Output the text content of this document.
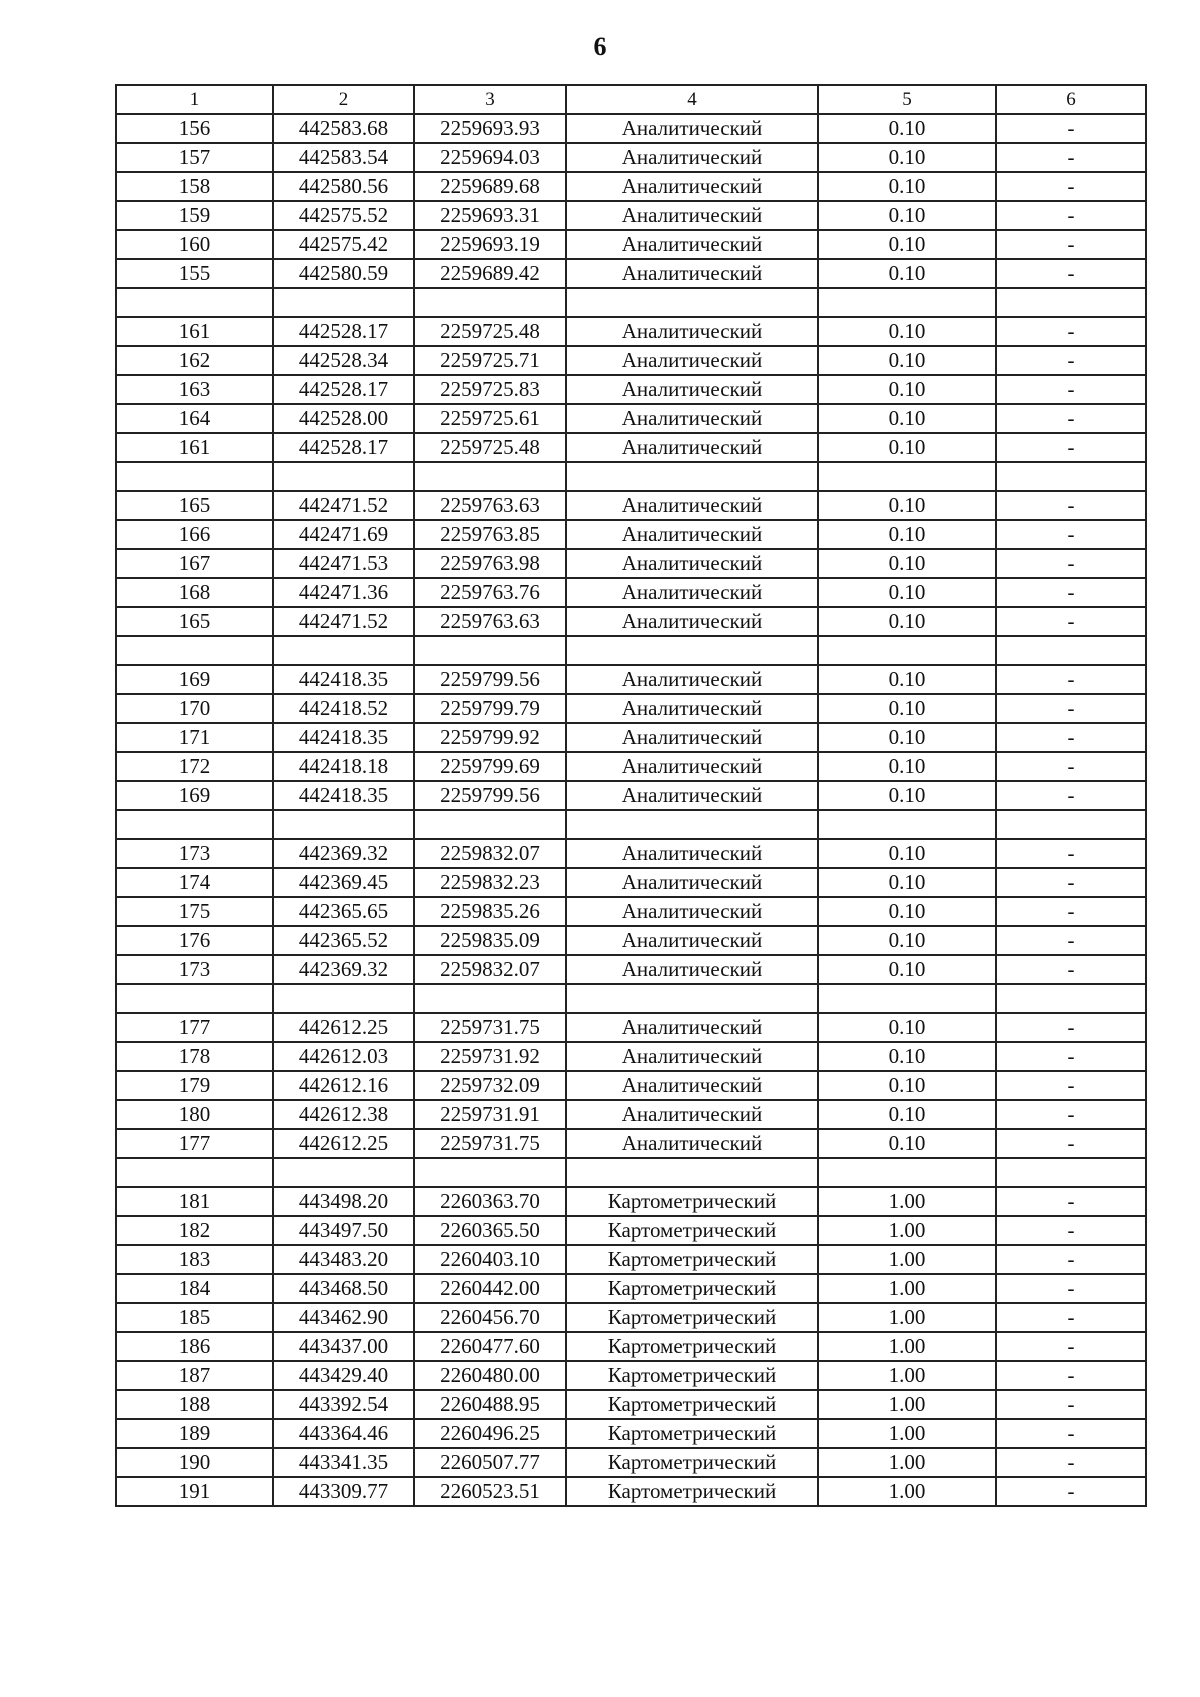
6
1	2	3	4	5	6
156	442583.68	2259693.93	Аналитический	0.10	-
157	442583.54	2259694.03	Аналитический	0.10	-
158	442580.56	2259689.68	Аналитический	0.10	-
159	442575.52	2259693.31	Аналитический	0.10	-
160	442575.42	2259693.19	Аналитический	0.10	-
155	442580.59	2259689.42	Аналитический	0.10	-

161	442528.17	2259725.48	Аналитический	0.10	-
162	442528.34	2259725.71	Аналитический	0.10	-
163	442528.17	2259725.83	Аналитический	0.10	-
164	442528.00	2259725.61	Аналитический	0.10	-
161	442528.17	2259725.48	Аналитический	0.10	-

165	442471.52	2259763.63	Аналитический	0.10	-
166	442471.69	2259763.85	Аналитический	0.10	-
167	442471.53	2259763.98	Аналитический	0.10	-
168	442471.36	2259763.76	Аналитический	0.10	-
165	442471.52	2259763.63	Аналитический	0.10	-

169	442418.35	2259799.56	Аналитический	0.10	-
170	442418.52	2259799.79	Аналитический	0.10	-
171	442418.35	2259799.92	Аналитический	0.10	-
172	442418.18	2259799.69	Аналитический	0.10	-
169	442418.35	2259799.56	Аналитический	0.10	-

173	442369.32	2259832.07	Аналитический	0.10	-
174	442369.45	2259832.23	Аналитический	0.10	-
175	442365.65	2259835.26	Аналитический	0.10	-
176	442365.52	2259835.09	Аналитический	0.10	-
173	442369.32	2259832.07	Аналитический	0.10	-

177	442612.25	2259731.75	Аналитический	0.10	-
178	442612.03	2259731.92	Аналитический	0.10	-
179	442612.16	2259732.09	Аналитический	0.10	-
180	442612.38	2259731.91	Аналитический	0.10	-
177	442612.25	2259731.75	Аналитический	0.10	-

181	443498.20	2260363.70	Картометрический	1.00	-
182	443497.50	2260365.50	Картометрический	1.00	-
183	443483.20	2260403.10	Картометрический	1.00	-
184	443468.50	2260442.00	Картометрический	1.00	-
185	443462.90	2260456.70	Картометрический	1.00	-
186	443437.00	2260477.60	Картометрический	1.00	-
187	443429.40	2260480.00	Картометрический	1.00	-
188	443392.54	2260488.95	Картометрический	1.00	-
189	443364.46	2260496.25	Картометрический	1.00	-
190	443341.35	2260507.77	Картометрический	1.00	-
191	443309.77	2260523.51	Картометрический	1.00	-
